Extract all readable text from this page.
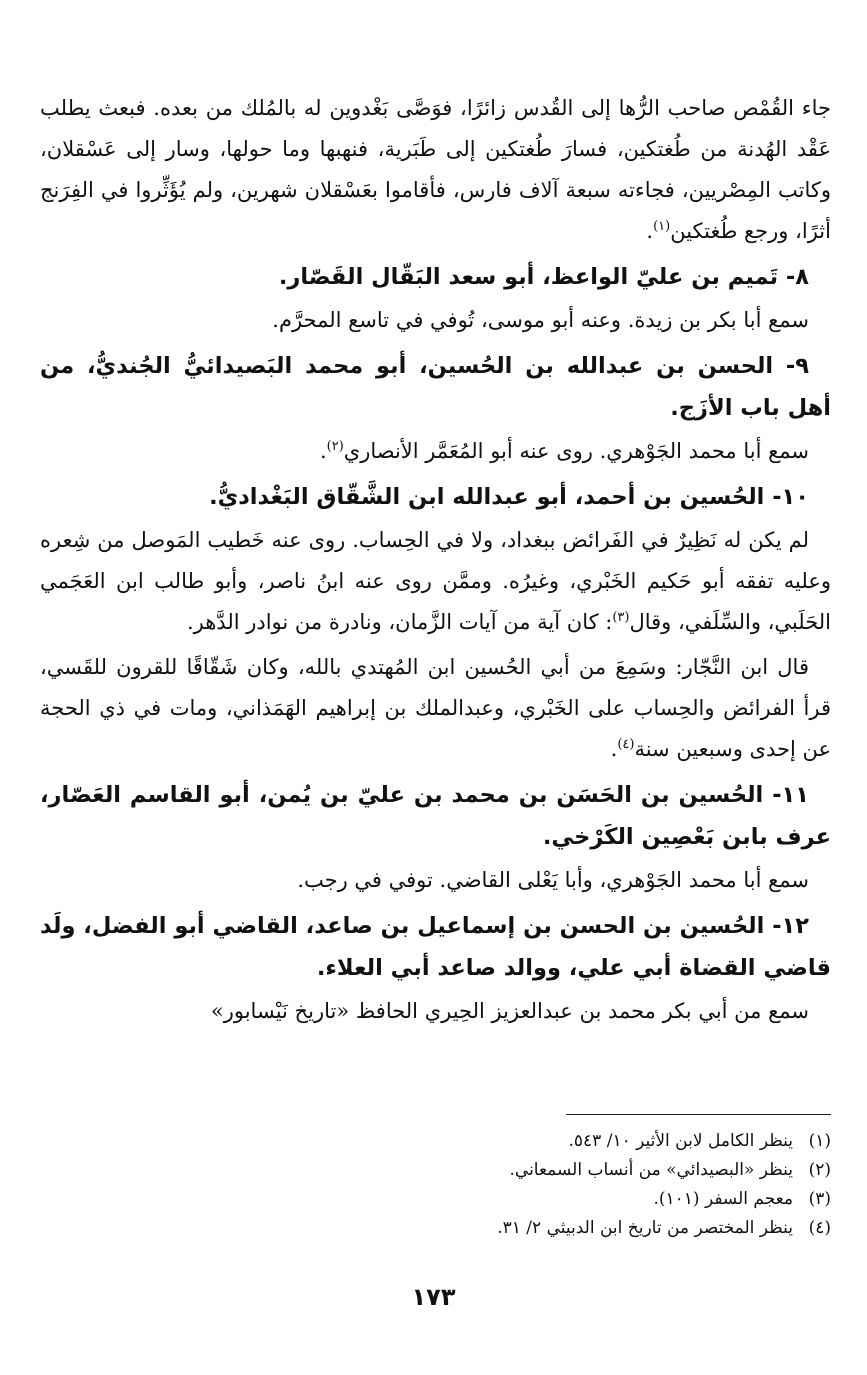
جاء القُمْص صاحب الرُّها إلى القُدس زائرًا، فوَصَّى بَغْدوين له بالمُلك من بعده. فبعث يطلب عَقْد الهُدنة من طُغتكين، فسارَ طُغتكين إلى طَبَرية، فنهبها وما حولها، وسار إلى عَسْقلان، وكاتب المِصْريين، فجاءته سبعة آلاف فارس، فأقاموا بعَسْقلان شهرين، ولم يُؤَثِّروا في الفِرَنج أثرًا، ورجع طُغتكين$^{(١)}$.

٨- تَميم بن عليّ الواعظ، أبو سعد البَقّال القَصّار.

سمع أبا بكر بن زيدة. وعنه أبو موسى، تُوفي في تاسع المحرَّم.

٩- الحسن بن عبدالله بن الحُسين، أبو محمد البَصيدائيُّ الجُنديُّ، من أهل باب الأزَج.

سمع أبا محمد الجَوْهري. روى عنه أبو المُعَمَّر الأنصاري$^{(٢)}$.

١٠- الحُسين بن أحمد، أبو عبدالله ابن الشَّقّاق البَغْداديُّ.

لم يكن له نَظِيرٌ في الفَرائض ببغداد، ولا في الحِساب. روى عنه خَطيب المَوصل من شِعره وعليه تفقه أبو حَكيم الخَبْري، وغيرُه. وممَّن روى عنه ابنُ ناصر، وأبو طالب ابن العَجَمي الحَلَبي، والسِّلَفي، وقال$^{(٣)}$: كان آية من آيات الزَّمان، ونادرة من نوادر الدَّهر.

قال ابن النَّجّار: وسَمِعَ من أبي الحُسين ابن المُهتدي بالله، وكان شَقّاقًا للقرون للقَسي، قرأ الفرائض والحِساب على الخَبْري، وعبدالملك بن إبراهيم الهَمَذاني، ومات في ذي الحجة عن إحدى وسبعين سنة$^{(٤)}$.

١١- الحُسين بن الحَسَن بن محمد بن عليّ بن يُمن، أبو القاسم العَصّار، عرف بابن بَعْصِين الكَرْخي.

سمع أبا محمد الجَوْهري، وأبا يَعْلى القاضي. توفي في رجب.

١٢- الحُسين بن الحسن بن إسماعيل بن صاعد، القاضي أبو الفضل، ولَد قاضي القضاة أبي علي، ووالد صاعد أبي العلاء.

سمع من أبي بكر محمد بن عبدالعزيز الحِيري الحافظ «تاريخ نَيْسابور»

(١)
ينظر الكامل لابن الأثير ١٠/ ٥٤٣.
(٢)
ينظر «البصيدائي» من أنساب السمعاني.
(٣)
معجم السفر (١٠١).
(٤)
ينظر المختصر من تاريخ ابن الدبيثي ٢/ ٣١.
١٧٣
